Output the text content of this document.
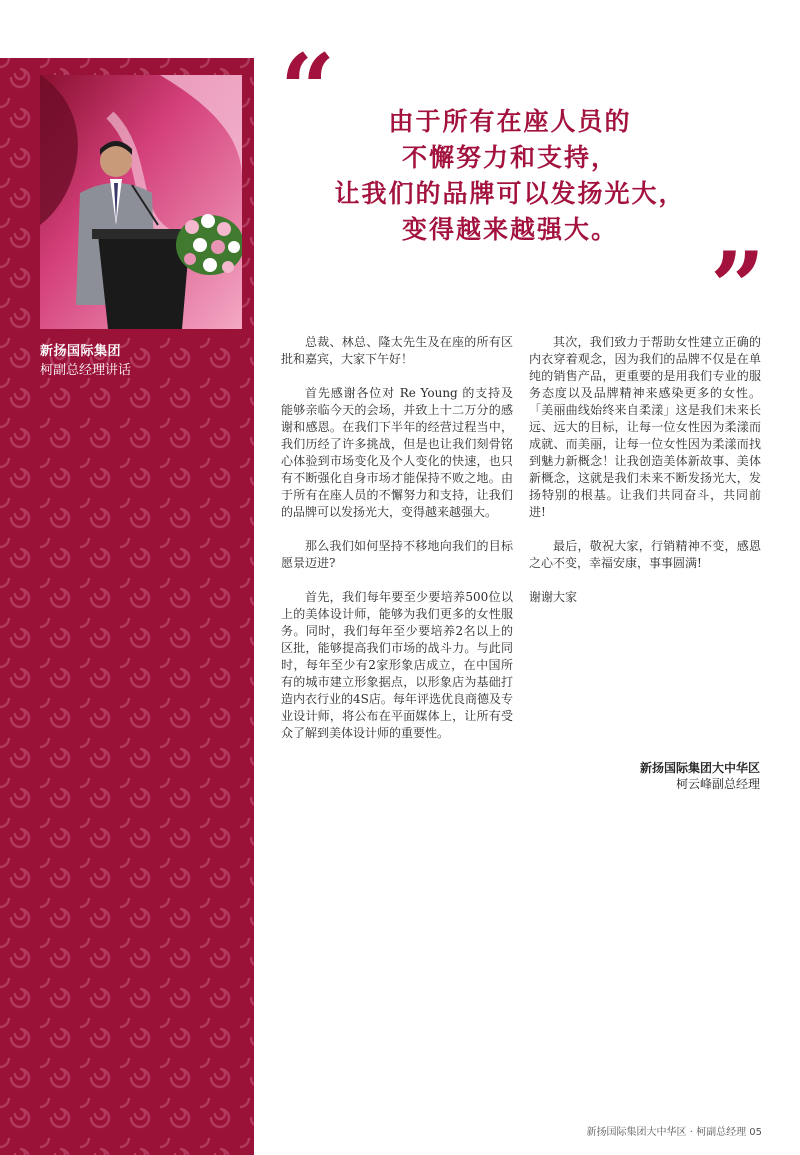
新扬国际集团
柯副总经理讲话
“	由于所有在座人员的
不懈努力和支持，
让我们的品牌可以发扬光大，
变得越来越强大。
”

总裁、林总、隆太先生及在座的所有区批和嘉宾，大家下午好！

首先感谢各位对 Re Young 的支持及能够亲临今天的会场，并致上十二万分的感谢和感恩。在我们下半年的经营过程当中，我们历经了许多挑战，但是也让我们刻骨铭心体验到市场变化及个人变化的快速，也只有不断强化自身市场才能保持不败之地。由于所有在座人员的不懈努力和支持，让我们的品牌可以发扬光大，变得越来越强大。

那么我们如何坚持不移地向我们的目标愿景迈进?

首先，我们每年要至少要培养500位以上的美体设计师，能够为我们更多的女性服务。同时，我们每年至少要培养2名以上的区批，能够提高我们市场的战斗力。与此同时，每年至少有2家形象店成立，在中国所有的城市建立形象据点，以形象店为基础打造内衣行业的4S店。每年评选优良商德及专业设计师，将公布在平面媒体上，让所有受众了解到美体设计师的重要性。

其次，我们致力于帮助女性建立正确的内衣穿着观念，因为我们的品牌不仅是在单纯的销售产品，更重要的是用我们专业的服务态度以及品牌精神来感染更多的女性。「美丽曲线始终来自柔漾」这是我们未来长远、远大的目标，让每一位女性因为柔漾而成就、而美丽，让每一位女性因为柔漾而找到魅力新概念！让我创造美体新故事、美体新概念，这就是我们未来不断发扬光大，发扬特别的根基。让我们共同奋斗，共同前进!

最后，敬祝大家，行销精神不变，感恩之心不变，幸福安康，事事圆满!

谢谢大家

新扬国际集团大中华区
柯云峰副总经理
新扬国际集团大中华区 · 柯副总经理 05
